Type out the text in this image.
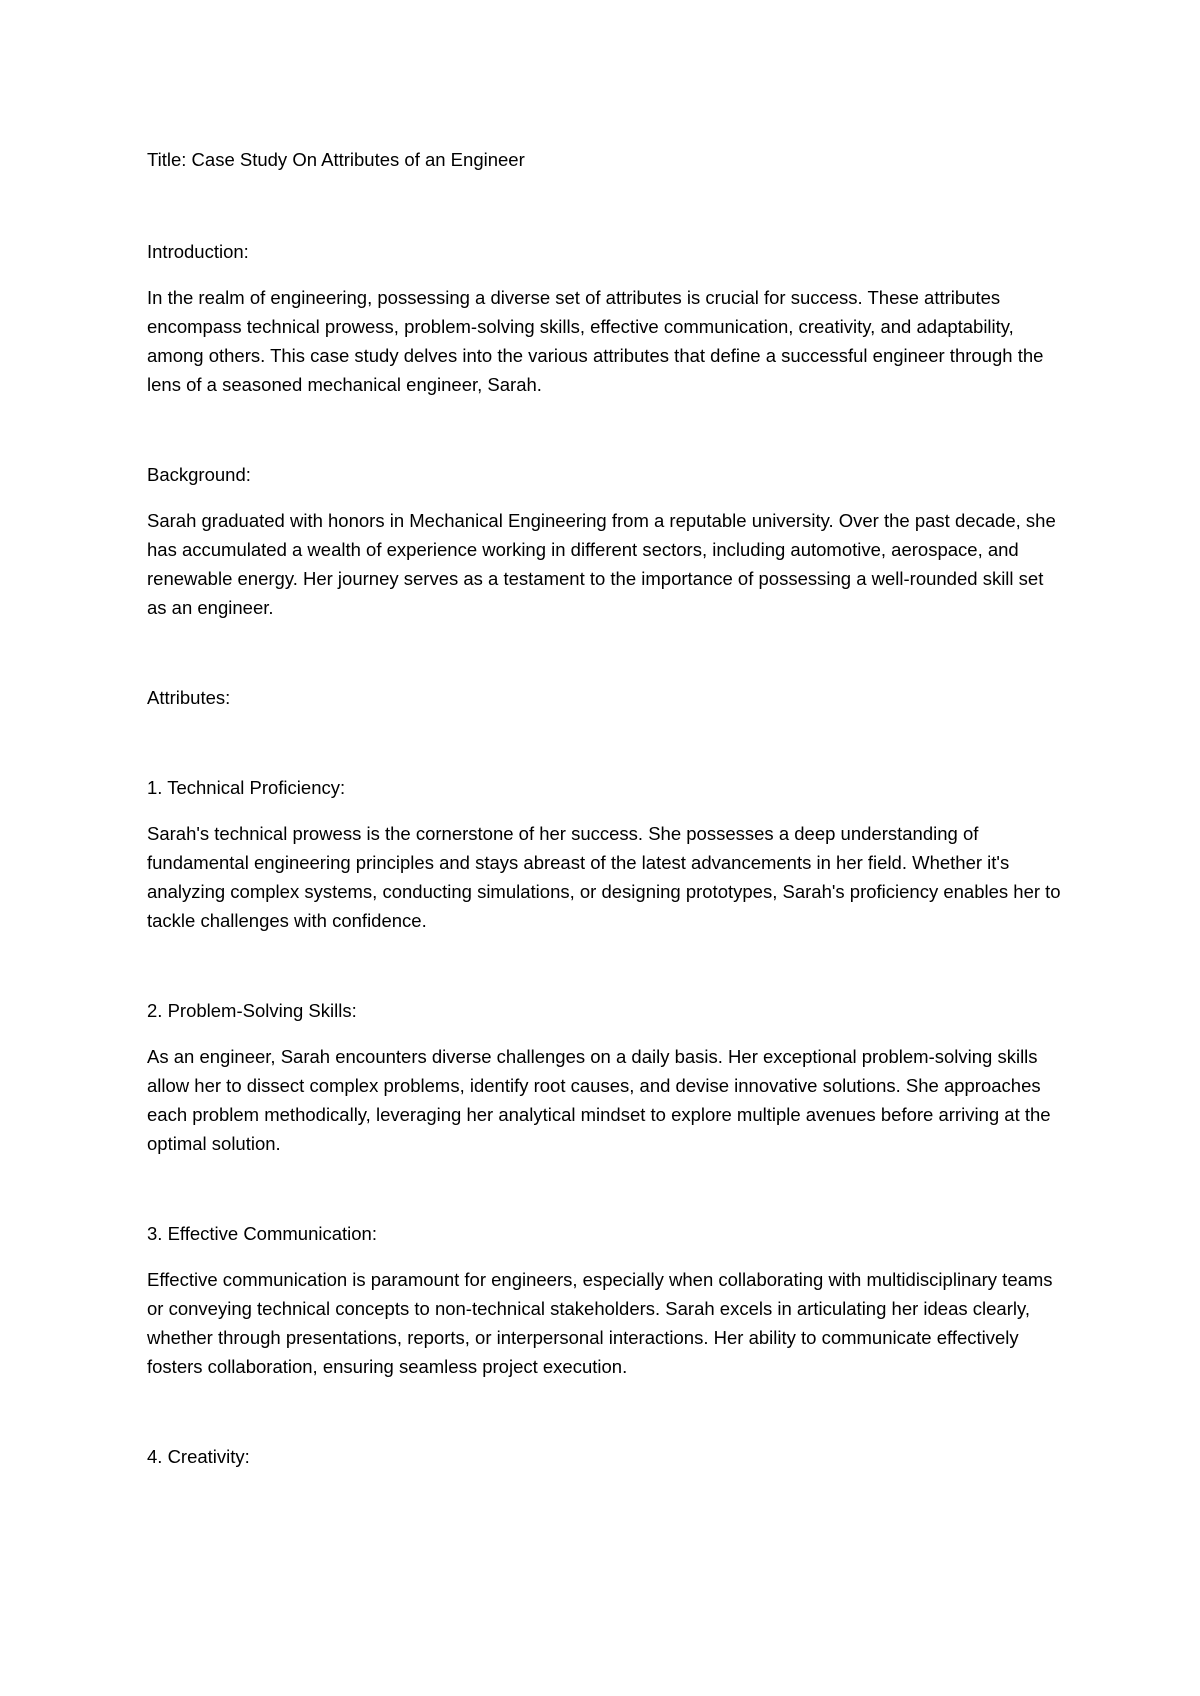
Title: Case Study On Attributes of an Engineer

Introduction:

In the realm of engineering, possessing a diverse set of attributes is crucial for success. These attributes encompass technical prowess, problem-solving skills, effective communication, creativity, and adaptability, among others. This case study delves into the various attributes that define a successful engineer through the lens of a seasoned mechanical engineer, Sarah.

Background:

Sarah graduated with honors in Mechanical Engineering from a reputable university. Over the past decade, she has accumulated a wealth of experience working in different sectors, including automotive, aerospace, and renewable energy. Her journey serves as a testament to the importance of possessing a well-rounded skill set as an engineer.

Attributes:

1. Technical Proficiency:

Sarah's technical prowess is the cornerstone of her success. She possesses a deep understanding of fundamental engineering principles and stays abreast of the latest advancements in her field. Whether it's analyzing complex systems, conducting simulations, or designing prototypes, Sarah's proficiency enables her to tackle challenges with confidence.

2. Problem-Solving Skills:

As an engineer, Sarah encounters diverse challenges on a daily basis. Her exceptional problem-solving skills allow her to dissect complex problems, identify root causes, and devise innovative solutions. She approaches each problem methodically, leveraging her analytical mindset to explore multiple avenues before arriving at the optimal solution.

3. Effective Communication:

Effective communication is paramount for engineers, especially when collaborating with multidisciplinary teams or conveying technical concepts to non-technical stakeholders. Sarah excels in articulating her ideas clearly, whether through presentations, reports, or interpersonal interactions. Her ability to communicate effectively fosters collaboration, ensuring seamless project execution.

4. Creativity:
